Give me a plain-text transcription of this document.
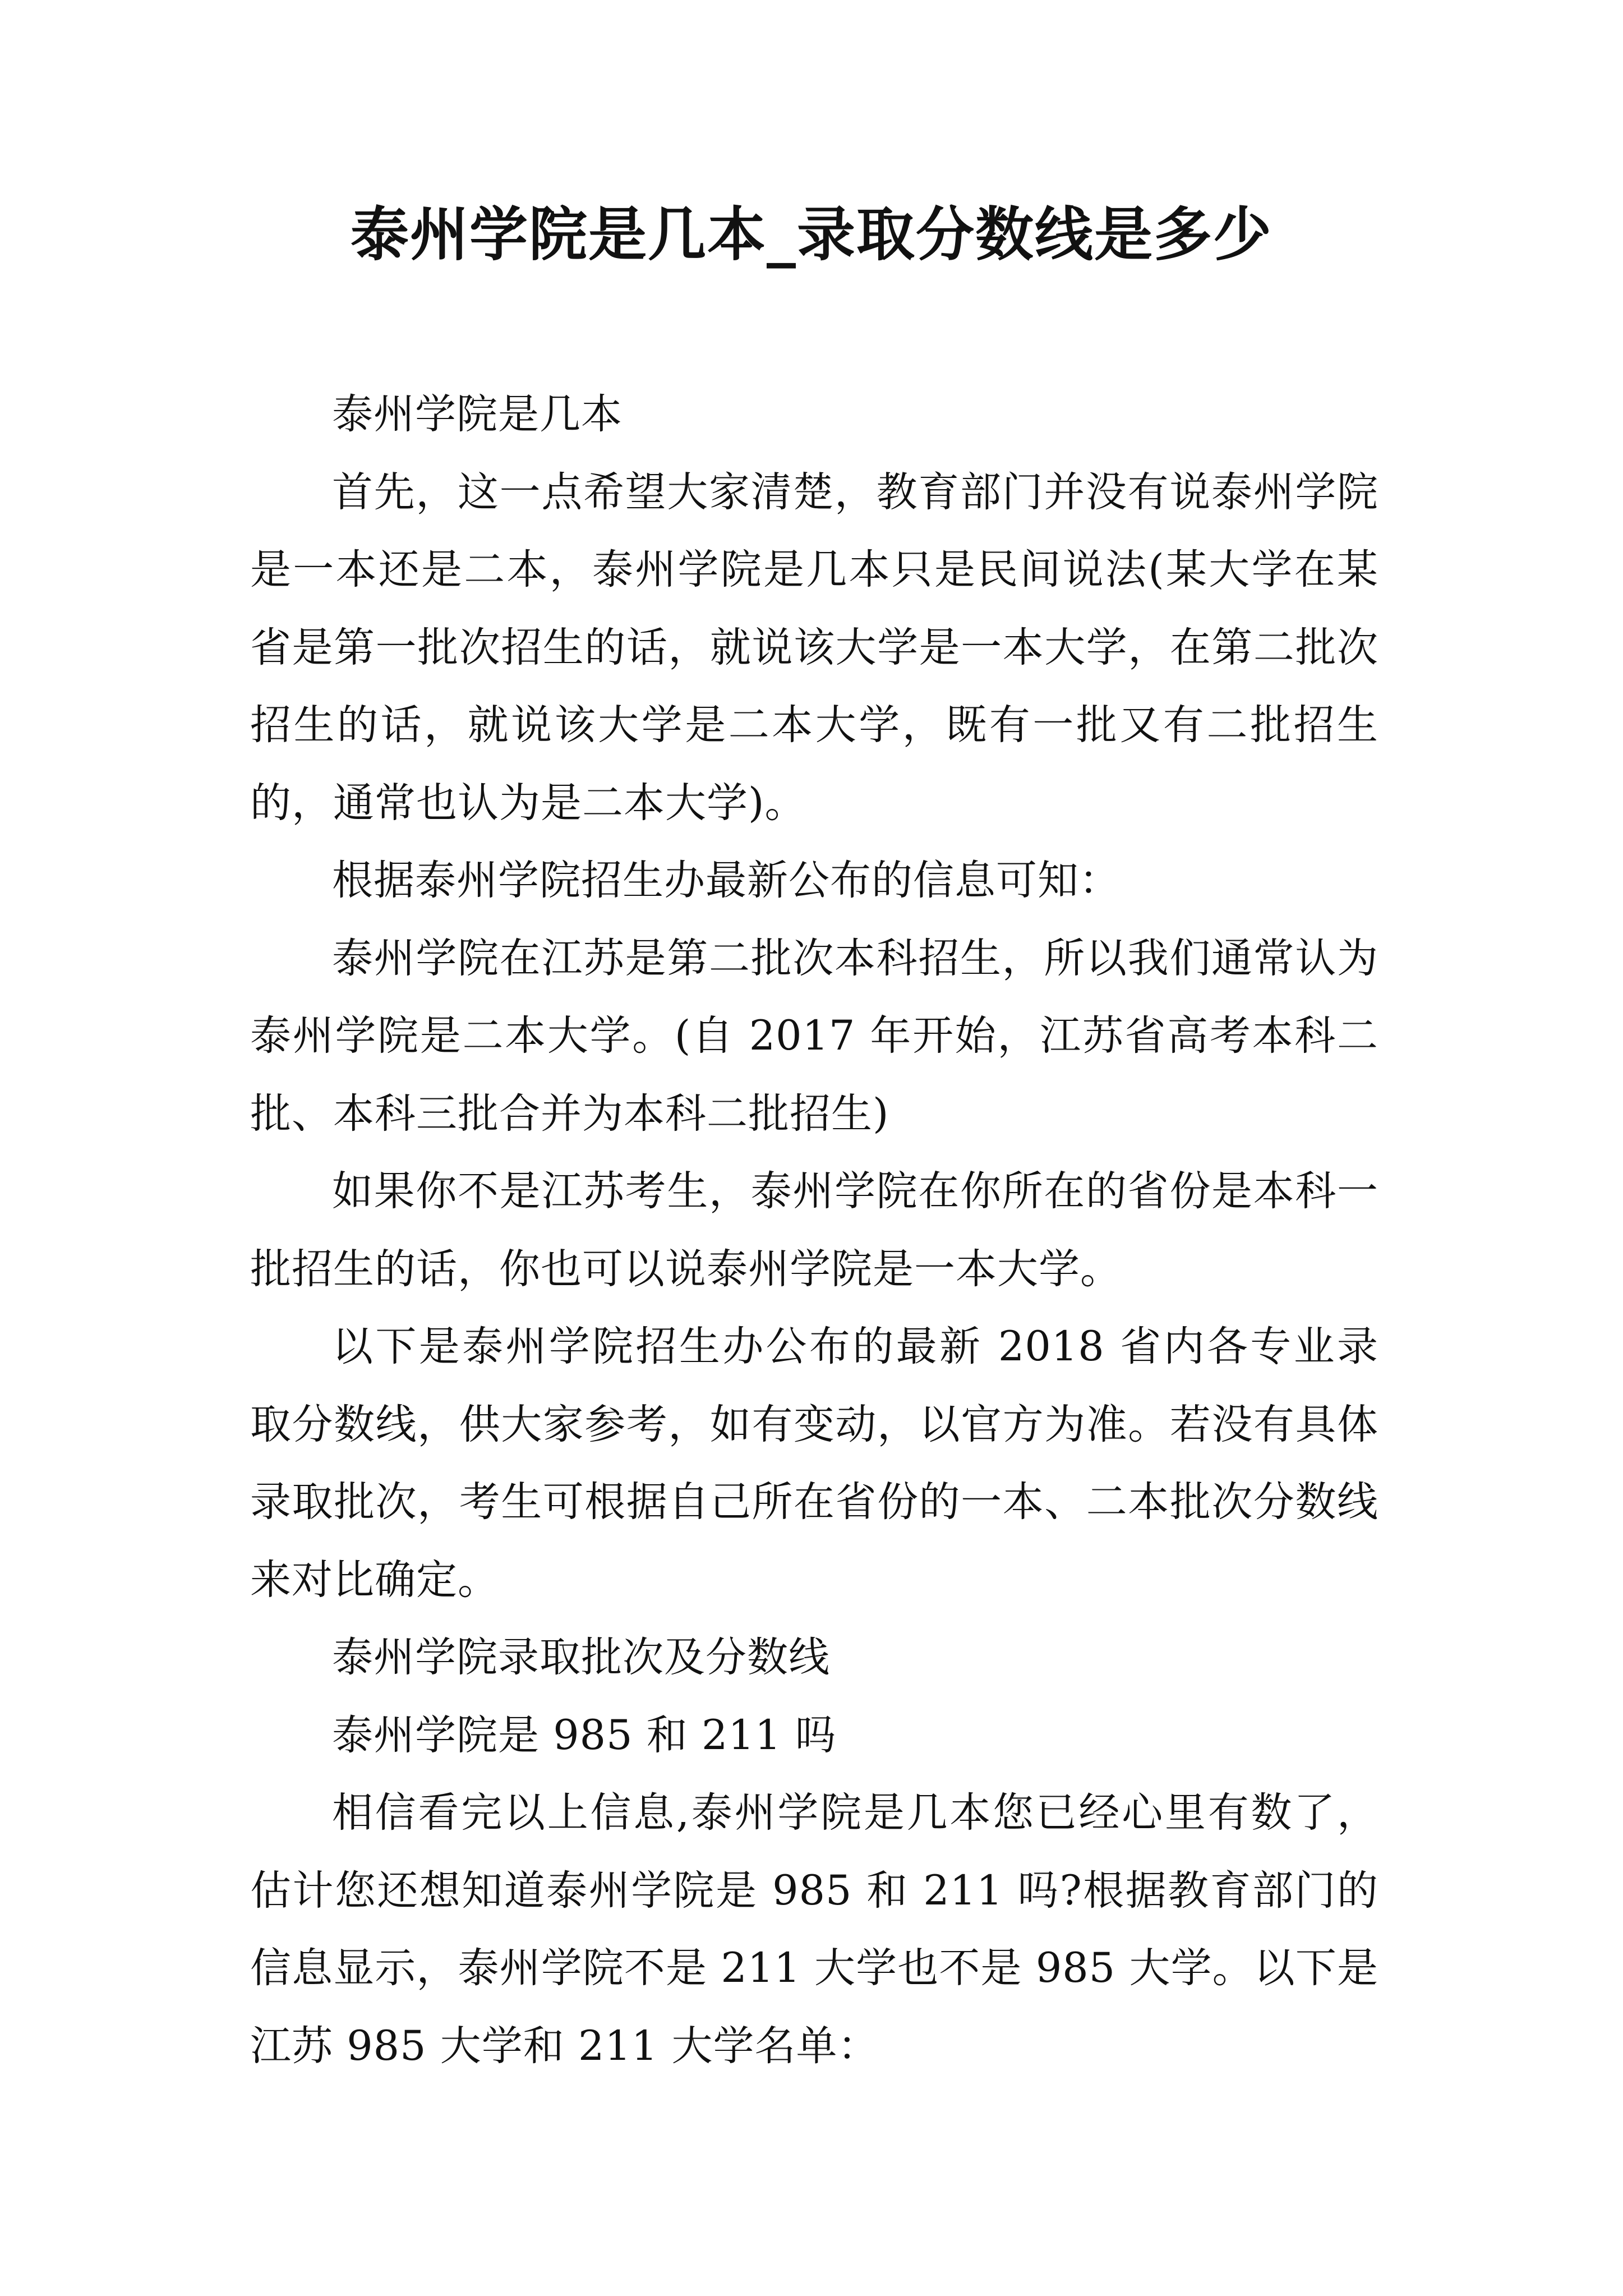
泰州学院是几本_录取分数线是多少

泰州学院是几本

首先，这一点希望大家清楚，教育部门并没有说泰州学院是一本还是二本，泰州学院是几本只是民间说法(某大学在某省是第一批次招生的话，就说该大学是一本大学，在第二批次招生的话，就说该大学是二本大学，既有一批又有二批招生的，通常也认为是二本大学)。

根据泰州学院招生办最新公布的信息可知：

泰州学院在江苏是第二批次本科招生，所以我们通常认为泰州学院是二本大学。(自 2017 年开始，江苏省高考本科二批、本科三批合并为本科二批招生)

如果你不是江苏考生，泰州学院在你所在的省份是本科一批招生的话，你也可以说泰州学院是一本大学。

以下是泰州学院招生办公布的最新 2018 省内各专业录取分数线，供大家参考，如有变动，以官方为准。若没有具体录取批次，考生可根据自己所在省份的一本、二本批次分数线来对比确定。

泰州学院录取批次及分数线

泰州学院是 985 和 211 吗

相信看完以上信息,泰州学院是几本您已经心里有数了，估计您还想知道泰州学院是 985 和 211 吗?根据教育部门的信息显示，泰州学院不是 211 大学也不是 985 大学。以下是江苏 985 大学和 211 大学名单：
